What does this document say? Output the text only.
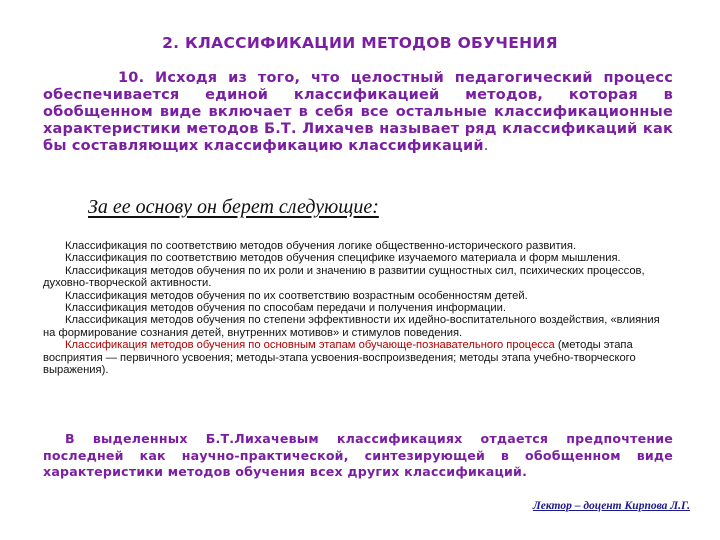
2. КЛАССИФИКАЦИИ МЕТОДОВ ОБУЧЕНИЯ
10. Исходя из того, что целостный педагогический процесс обеспечивается единой классификацией методов, которая в обобщенном виде включает в себя все остальные классификационные характеристики методов Б.Т. Лихачев называет ряд классификаций как бы составляющих классификацию классификаций.
За ее основу он берет следующие:

Классификация по соответствию методов обучения логике общественно-исторического развития.

Классификация по соответствию методов обучения специфике изучаемого материала и форм мышления.

Классификация методов обучения по их роли и значению в развитии сущностных сил, психических процессов, духовно-творческой активности.

Классификация методов обучения по их соответствию возрастным особенностям детей.

Классификация методов обучения по способам передачи и получения информации.

Классификация методов обучения по степени эффективности их идейно-воспитательного воздействия, «влияния на формирование сознания детей, внутренних мотивов» и стимулов поведения.

Классификация методов обучения по основным этапам обучающе-познавательного процесса (методы этапа восприятия — первичного усвоения; методы-этапа усвоения-воспроизведения; методы этапа учебно-творческого выражения).

В выделенных Б.Т.Лихачевым классификациях отдается предпочтение последней как научно-практической, синтезирующей в обобщенном виде характеристики методов обучения всех других классификаций.
Лектор – доцент Кирпова Л.Г.
